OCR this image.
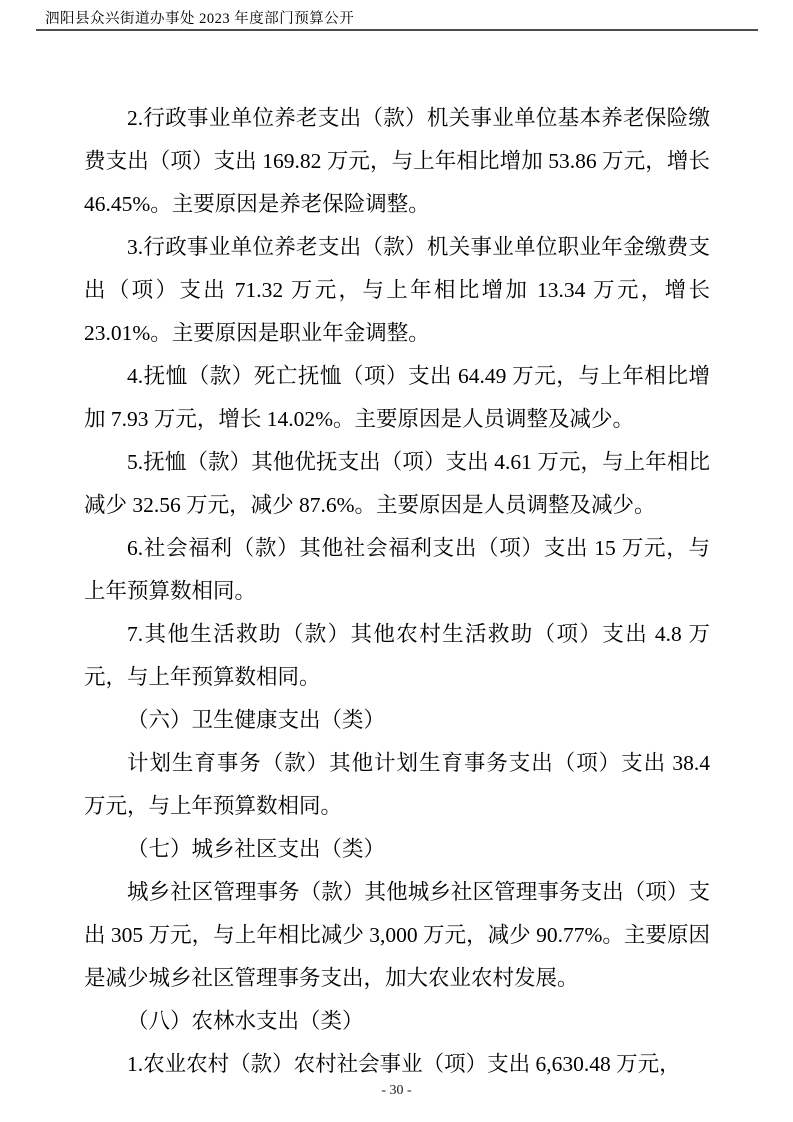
泗阳县众兴街道办事处 2023 年度部门预算公开

2.行政事业单位养老支出（款）机关事业单位基本养老保险缴费支出（项）支出 169.82 万元，与上年相比增加 53.86 万元，增长 46.45%。主要原因是养老保险调整。

3.行政事业单位养老支出（款）机关事业单位职业年金缴费支出（项）支出 71.32 万元，与上年相比增加 13.34 万元，增长 23.01%。主要原因是职业年金调整。

4.抚恤（款）死亡抚恤（项）支出 64.49 万元，与上年相比增加 7.93 万元，增长 14.02%。主要原因是人员调整及减少。

5.抚恤（款）其他优抚支出（项）支出 4.61 万元，与上年相比减少 32.56 万元，减少 87.6%。主要原因是人员调整及减少。

6.社会福利（款）其他社会福利支出（项）支出 15 万元，与上年预算数相同。

7.其他生活救助（款）其他农村生活救助（项）支出 4.8 万元，与上年预算数相同。

（六）卫生健康支出（类）

计划生育事务（款）其他计划生育事务支出（项）支出 38.4 万元，与上年预算数相同。

（七）城乡社区支出（类）

城乡社区管理事务（款）其他城乡社区管理事务支出（项）支出 305 万元，与上年相比减少 3,000 万元，减少 90.77%。主要原因是减少城乡社区管理事务支出，加大农业农村发展。

（八）农林水支出（类）

1.农业农村（款）农村社会事业（项）支出 6,630.48 万元，

- 30 -
